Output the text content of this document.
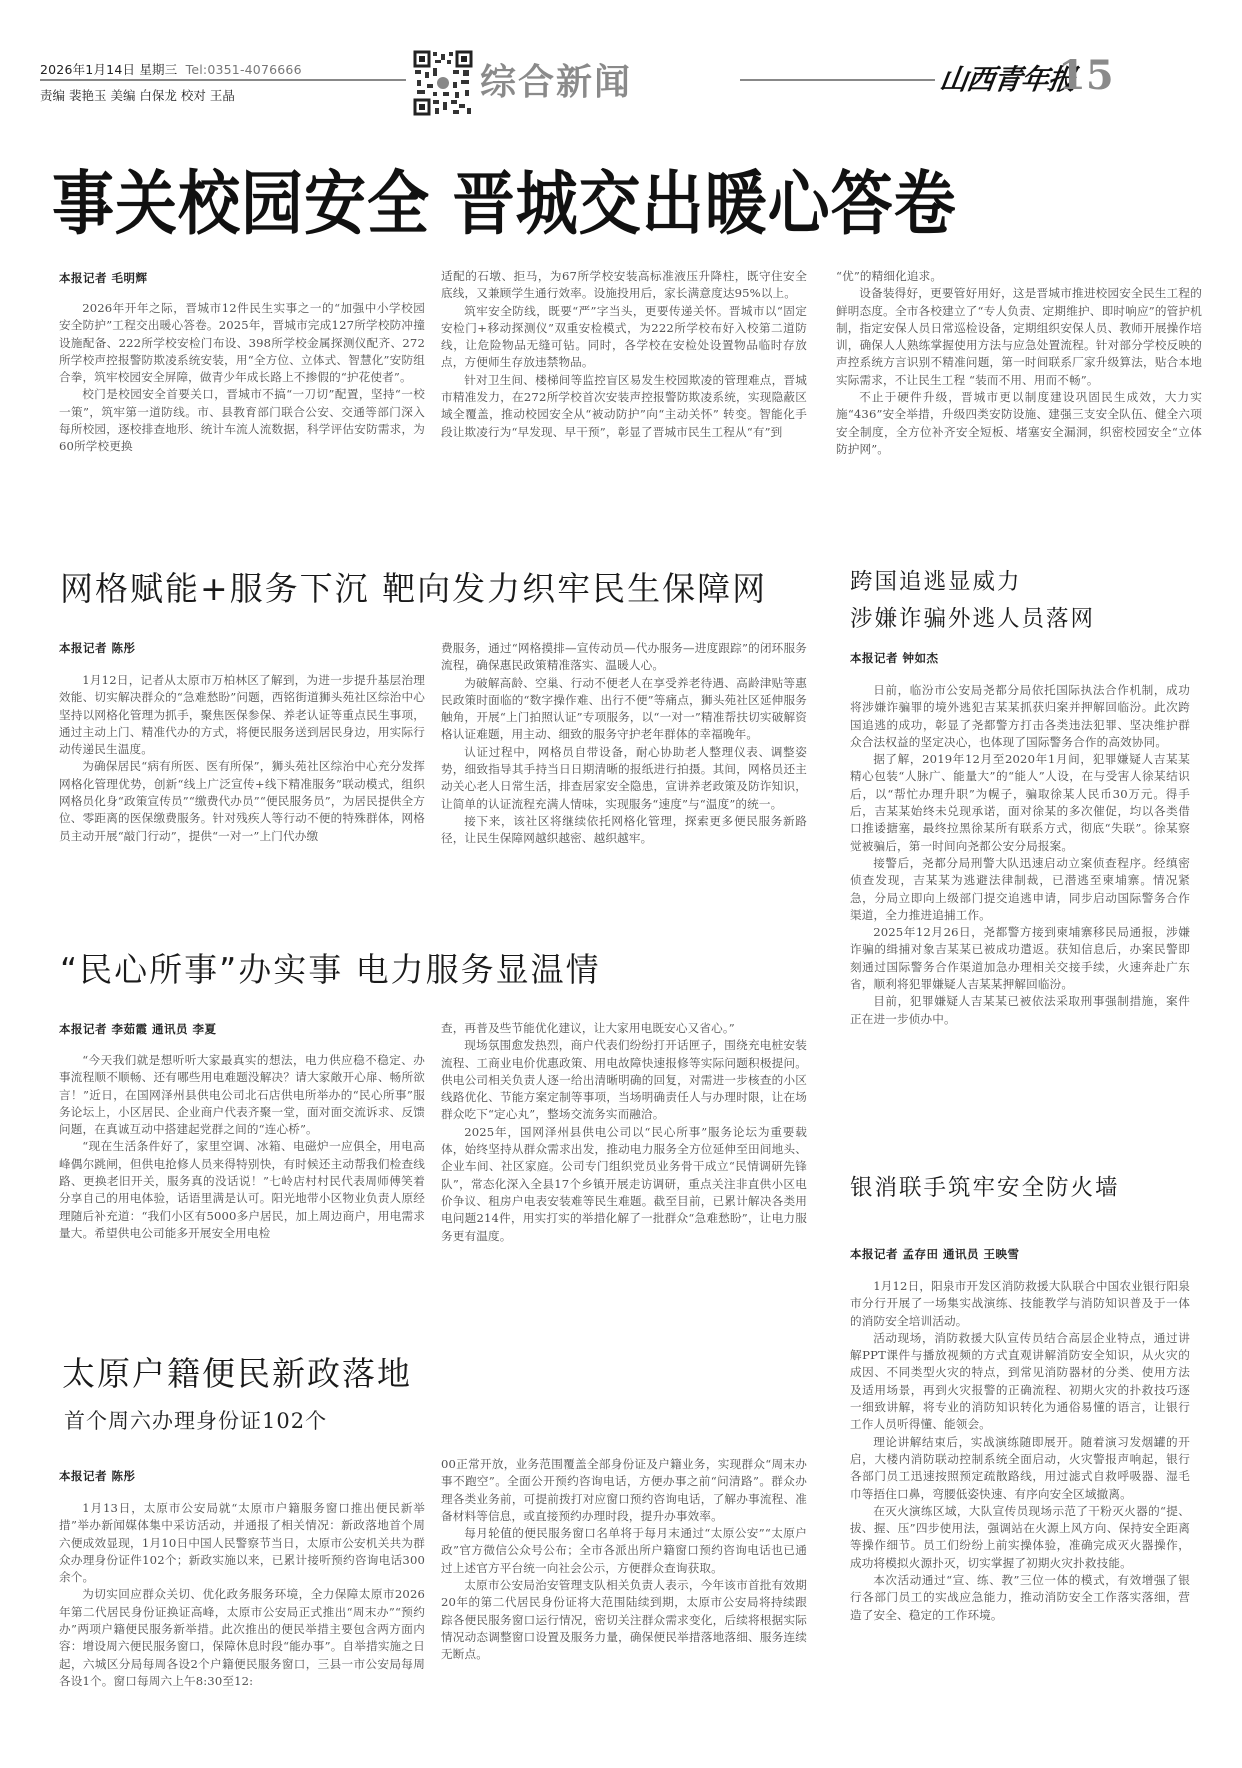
2026年1月14日 星期三 Tel:0351-4076666
责编 裴艳玉 美编 白保龙 校对 王晶	综合新闻	山西青年报
15
事关校园安全 晋城交出暖心答卷
本报记者 毛明辉

2026年开年之际，晋城市12件民生实事之一的“加强中小学校园安全防护”工程交出暖心答卷。2025年，晋城市完成127所学校防冲撞设施配备、222所学校安检门布设、398所学校金属探测仪配齐、272所学校声控报警防欺凌系统安装，用“全方位、立体式、智慧化”安防组合拳，筑牢校园安全屏障，做青少年成长路上不掺假的“护花使者”。

校门是校园安全首要关口，晋城市不搞“一刀切”配置，坚持“一校一策”，筑牢第一道防线。市、县教育部门联合公安、交通等部门深入每所校园，逐校排查地形、统计车流人流数据，科学评估安防需求，为60所学校更换

适配的石墩、拒马，为67所学校安装高标准液压升降柱，既守住安全底线，又兼顾学生通行效率。设施投用后，家长满意度达95%以上。

筑牢安全防线，既要“严”字当头，更要传递关怀。晋城市以“固定安检门+移动探测仪”双重安检模式，为222所学校布好入校第二道防线，让危险物品无缝可钻。同时，各学校在安检处设置物品临时存放点，方便师生存放违禁物品。

针对卫生间、楼梯间等监控盲区易发生校园欺凌的管理难点，晋城市精准发力，在272所学校首次安装声控报警防欺凌系统，实现隐蔽区域全覆盖，推动校园安全从“被动防护”向“主动关怀” 转变。智能化手段让欺凌行为“早发现、早干预”，彰显了晋城市民生工程从“有”到

“优”的精细化追求。

设备装得好，更要管好用好，这是晋城市推进校园安全民生工程的鲜明态度。全市各校建立了“专人负责、定期维护、即时响应”的管护机制，指定安保人员日常巡检设备，定期组织安保人员、教师开展操作培训，确保人人熟练掌握使用方法与应急处置流程。针对部分学校反映的声控系统方言识别不精准问题，第一时间联系厂家升级算法，贴合本地实际需求，不让民生工程 “装而不用、用而不畅”。

不止于硬件升级，晋城市更以制度建设巩固民生成效，大力实施“436”安全举措，升级四类安防设施、建强三支安全队伍、健全六项安全制度，全方位补齐安全短板、堵塞安全漏洞，织密校园安全“立体防护网”。

网格赋能+服务下沉 靶向发力织牢民生保障网
本报记者 陈彤

1月12日，记者从太原市万柏林区了解到，为进一步提升基层治理效能、切实解决群众的“急难愁盼”问题，西铭街道狮头苑社区综治中心坚持以网格化管理为抓手，聚焦医保参保、养老认证等重点民生事项，通过主动上门、精准代办的方式，将便民服务送到居民身边，用实际行动传递民生温度。

为确保居民“病有所医、医有所保”，狮头苑社区综治中心充分发挥网格化管理优势，创新“线上广泛宣传+线下精准服务”联动模式，组织网格员化身“政策宣传员”“缴费代办员”“便民服务员”，为居民提供全方位、零距离的医保缴费服务。针对残疾人等行动不便的特殊群体，网格员主动开展“敲门行动”，提供“一对一”上门代办缴

费服务，通过“网格摸排—宣传动员—代办服务—进度跟踪”的闭环服务流程，确保惠民政策精准落实、温暖人心。

为破解高龄、空巢、行动不便老人在享受养老待遇、高龄津贴等惠民政策时面临的“数字操作难、出行不便”等痛点，狮头苑社区延伸服务触角，开展“上门拍照认证”专项服务，以“一对一”精准帮扶切实破解资格认证难题，用主动、细致的服务守护老年群体的幸福晚年。

认证过程中，网格员自带设备，耐心协助老人整理仪表、调整姿势，细致指导其手持当日日期清晰的报纸进行拍摄。其间，网格员还主动关心老人日常生活，排查居家安全隐患，宣讲养老政策及防诈知识，让简单的认证流程充满人情味，实现服务“速度”与“温度”的统一。

接下来，该社区将继续依托网格化管理，探索更多便民服务新路径，让民生保障网越织越密、越织越牢。

“民心所事”办实事 电力服务显温情
本报记者 李茹霞 通讯员 李夏

“今天我们就是想听听大家最真实的想法，电力供应稳不稳定、办事流程顺不顺畅、还有哪些用电难题没解决？请大家敞开心扉、畅所欲言！”近日，在国网泽州县供电公司北石店供电所举办的“民心所事”服务论坛上，小区居民、企业商户代表齐聚一堂，面对面交流诉求、反馈问题，在真诚互动中搭建起党群之间的“连心桥”。

“现在生活条件好了，家里空调、冰箱、电磁炉一应俱全，用电高峰偶尔跳闸，但供电抢修人员来得特别快，有时候还主动帮我们检查线路、更换老旧开关，服务真的没话说！”七岭店村村民代表周师傅笑着分享自己的用电体验，话语里满是认可。阳光地带小区物业负责人原经理随后补充道：“我们小区有5000多户居民，加上周边商户，用电需求量大。希望供电公司能多开展安全用电检

查，再普及些节能优化建议，让大家用电既安心又省心。”

现场氛围愈发热烈，商户代表们纷纷打开话匣子，围绕充电桩安装流程、工商业电价优惠政策、用电故障快速报修等实际问题积极提问。供电公司相关负责人逐一给出清晰明确的回复，对需进一步核查的小区线路优化、节能方案定制等事项，当场明确责任人与办理时限，让在场群众吃下“定心丸”，整场交流务实而融洽。

2025年，国网泽州县供电公司以“民心所事”服务论坛为重要载体，始终坚持从群众需求出发，推动电力服务全方位延伸至田间地头、企业车间、社区家庭。公司专门组织党员业务骨干成立“民情调研先锋队”，常态化深入全县17个乡镇开展走访调研，重点关注非直供小区电价争议、租房户电表安装难等民生难题。截至目前，已累计解决各类用电问题214件，用实打实的举措化解了一批群众“急难愁盼”，让电力服务更有温度。

太原户籍便民新政落地
首个周六办理身份证102个
本报记者 陈彤

1月13日，太原市公安局就“太原市户籍服务窗口推出便民新举措”举办新闻媒体集中采访活动，并通报了相关情况：新政落地首个周六便成效显现，1月10日中国人民警察节当日，太原市公安机关共为群众办理身份证件102个；新政实施以来，已累计接听预约咨询电话300余个。

为切实回应群众关切、优化政务服务环境，全力保障太原市2026年第二代居民身份证换证高峰，太原市公安局正式推出“周末办”“预约办”两项户籍便民服务新举措。此次推出的便民举措主要包含两方面内容：增设周六便民服务窗口，保障休息时段“能办事”。自举措实施之日起，六城区分局每周各设2个户籍便民服务窗口，三县一市公安局每周各设1个。窗口每周六上午8:30至12:

00正常开放，业务范围覆盖全部身份证及户籍业务，实现群众“周末办事不跑空”。全面公开预约咨询电话，方便办事之前“问清路”。群众办理各类业务前，可提前拨打对应窗口预约咨询电话，了解办事流程、准备材料等信息，或直接预约办理时段，提升办事效率。

每月轮值的便民服务窗口名单将于每月末通过“太原公安”“太原户政”官方微信公众号公布；全市各派出所户籍窗口预约咨询电话也已通过上述官方平台统一向社会公示，方便群众查询获取。

太原市公安局治安管理支队相关负责人表示，今年该市首批有效期20年的第二代居民身份证将大范围陆续到期，太原市公安局将持续跟踪各便民服务窗口运行情况，密切关注群众需求变化，后续将根据实际情况动态调整窗口设置及服务力量，确保便民举措落地落细、服务连续无断点。

跨国追逃显威力
涉嫌诈骗外逃人员落网
本报记者 钟如杰

日前，临汾市公安局尧都分局依托国际执法合作机制，成功将涉嫌诈骗罪的境外逃犯吉某某抓获归案并押解回临汾。此次跨国追逃的成功，彰显了尧都警方打击各类违法犯罪、坚决维护群众合法权益的坚定决心，也体现了国际警务合作的高效协同。

据了解，2019年12月至2020年1月间，犯罪嫌疑人吉某某精心包装“人脉广、能量大”的“能人”人设，在与受害人徐某结识后，以“帮忙办理升职”为幌子，骗取徐某人民币30万元。得手后，吉某某始终未兑现承诺，面对徐某的多次催促，均以各类借口推诿搪塞，最终拉黑徐某所有联系方式，彻底“失联”。徐某察觉被骗后，第一时间向尧都公安分局报案。

接警后，尧都分局刑警大队迅速启动立案侦查程序。经缜密侦查发现，吉某某为逃避法律制裁，已潜逃至柬埔寨。情况紧急，分局立即向上级部门提交追逃申请，同步启动国际警务合作渠道，全力推进追捕工作。

2025年12月26日，尧都警方接到柬埔寨移民局通报，涉嫌诈骗的缉捕对象吉某某已被成功遣返。获知信息后，办案民警即刻通过国际警务合作渠道加急办理相关交接手续，火速奔赴广东省，顺利将犯罪嫌疑人吉某某押解回临汾。

目前，犯罪嫌疑人吉某某已被依法采取刑事强制措施，案件正在进一步侦办中。

银消联手筑牢安全防火墙
本报记者 孟存田 通讯员 王映雪

1月12日，阳泉市开发区消防救援大队联合中国农业银行阳泉市分行开展了一场集实战演练、技能教学与消防知识普及于一体的消防安全培训活动。

活动现场，消防救援大队宣传员结合高层企业特点，通过讲解PPT课件与播放视频的方式直观讲解消防安全知识，从火灾的成因、不同类型火灾的特点，到常见消防器材的分类、使用方法及适用场景，再到火灾报警的正确流程、初期火灾的扑救技巧逐一细致讲解，将专业的消防知识转化为通俗易懂的语言，让银行工作人员听得懂、能领会。

理论讲解结束后，实战演练随即展开。随着演习发烟罐的开启，大楼内消防联动控制系统全面启动，火灾警报声响起，银行各部门员工迅速按照预定疏散路线，用过滤式自救呼吸器、湿毛巾等捂住口鼻，弯腰低姿快速、有序向安全区域撤离。

在灭火演练区域，大队宣传员现场示范了干粉灭火器的“提、拔、握、压”四步使用法，强调站在火源上风方向、保持安全距离等操作细节。员工们纷纷上前实操体验，准确完成灭火器操作，成功将模拟火源扑灭，切实掌握了初期火灾扑救技能。

本次活动通过“宣、练、教”三位一体的模式，有效增强了银行各部门员工的实战应急能力，推动消防安全工作落实落细，营造了安全、稳定的工作环境。
